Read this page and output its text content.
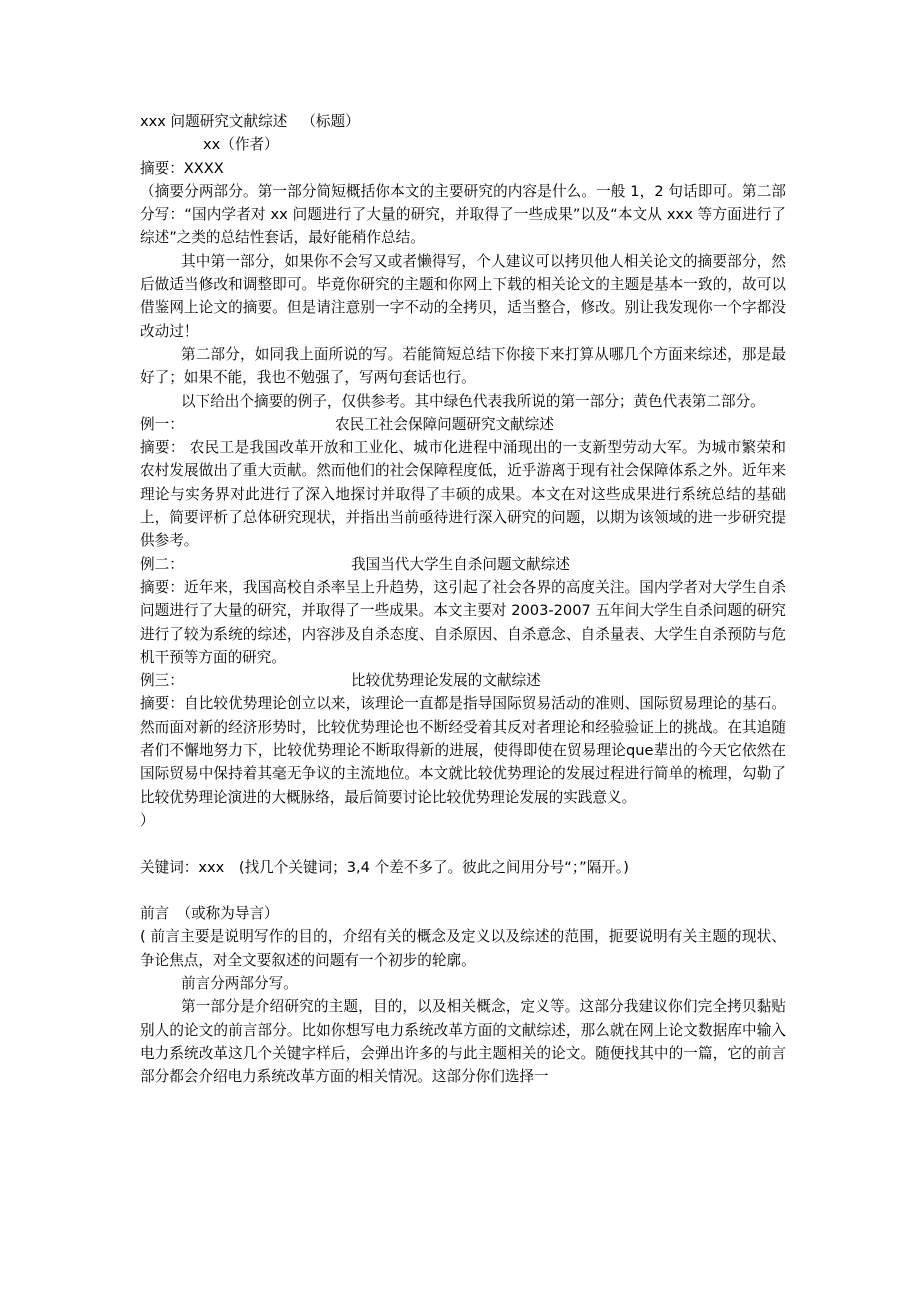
xxx 问题研究文献综述 （标题）
xx（作者）
摘要：XXXX
（摘要分两部分。第一部分简短概括你本文的主要研究的内容是什么。一般 1，2 句话即可。第二部分写：“国内学者对 xx 问题进行了大量的研究，并取得了一些成果”以及“本文从 xxx 等方面进行了综述”之类的总结性套话，最好能稍作总结。
其中第一部分，如果你不会写又或者懒得写，个人建议可以拷贝他人相关论文的摘要部分，然后做适当修改和调整即可。毕竟你研究的主题和你网上下载的相关论文的主题是基本一致的，故可以借鉴网上论文的摘要。但是请注意别一字不动的全拷贝，适当整合，修改。别让我发现你一个字都没改动过！
第二部分，如同我上面所说的写。若能简短总结下你接下来打算从哪几个方面来综述，那是最好了；如果不能，我也不勉强了，写两句套话也行。
以下给出个摘要的例子，仅供参考。其中绿色代表我所说的第一部分；黄色代表第二部分。
例一：	农民工社会保障问题研究文献综述
摘要： 农民工是我国改革开放和工业化、城市化进程中涌现出的一支新型劳动大军。为城市繁荣和农村发展做出了重大贡献。然而他们的社会保障程度低，近乎游离于现有社会保障体系之外。近年来理论与实务界对此进行了深入地探讨并取得了丰硕的成果。本文在对这些成果进行系统总结的基础上，简要评析了总体研究现状，并指出当前亟待进行深入研究的问题，以期为该领域的进一步研究提供参考。
例二：	我国当代大学生自杀问题文献综述
摘要：近年来，我国高校自杀率呈上升趋势，这引起了社会各界的高度关注。国内学者对大学生自杀问题进行了大量的研究，并取得了一些成果。本文主要对 2003-2007 五年间大学生自杀问题的研究进行了较为系统的综述，内容涉及自杀态度、自杀原因、自杀意念、自杀量表、大学生自杀预防与危机干预等方面的研究。
例三：	比较优势理论发展的文献综述
摘要：自比较优势理论创立以来，该理论一直都是指导国际贸易活动的准则、国际贸易理论的基石。然而面对新的经济形势时，比较优势理论也不断经受着其反对者理论和经验验证上的挑战。在其追随者们不懈地努力下，比较优势理论不断取得新的进展，使得即使在贸易理论que辈出的今天它依然在国际贸易中保持着其毫无争议的主流地位。本文就比较优势理论的发展过程进行简单的梳理，勾勒了比较优势理论演进的大概脉络，最后简要讨论比较优势理论发展的实践意义。
）
关键词：xxx　(找几个关键词；3,4 个差不多了。彼此之间用分号“；”隔开。)
前言　（或称为导言）
( 前言主要是说明写作的目的，介绍有关的概念及定义以及综述的范围，扼要说明有关主题的现状、争论焦点，对全文要叙述的问题有一个初步的轮廓。
前言分两部分写。
第一部分是介绍研究的主题，目的，以及相关概念，定义等。这部分我建议你们完全拷贝黏贴别人的论文的前言部分。比如你想写电力系统改革方面的文献综述，那么就在网上论文数据库中输入电力系统改革这几个关键字样后，会弹出许多的与此主题相关的论文。随便找其中的一篇，它的前言部分都会介绍电力系统改革方面的相关情况。这部分你们选择一
